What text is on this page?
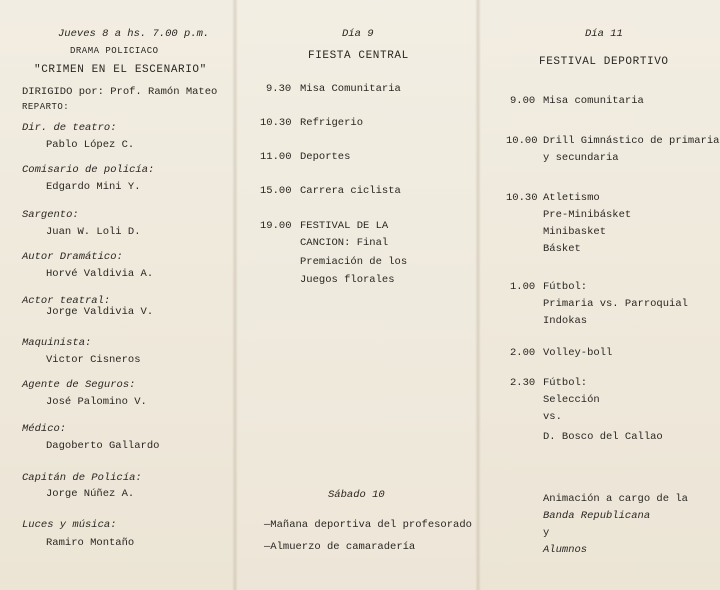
Jueves 8 a hs. 7.00 p.m.
DRAMA POLICIACO
"CRIMEN EN EL ESCENARIO"
DIRIGIDO por: Prof. Ramón Mateo
REPARTO:
Dir. de teatro:
Pablo López C.
Comisario de policía:
Edgardo Mini Y.
Sargento:
Juan W. Loli D.
Autor Dramático:
Horvé Valdivia A.
Actor teatral:
Jorge Valdivia V.
Maquinista:
Victor Cisneros
Agente de Seguros:
José Palomino V.
Médico:
Dagoberto Gallardo
Capitán de Policía:
Jorge Núñez A.
Luces y música:
Ramiro Montaño
Día 9
FIESTA CENTRAL
9.30 Misa Comunitaria
10.30 Refrigerio
11.00 Deportes
15.00 Carrera ciclista
19.00 FESTIVAL DE LA
CANCION: Final
Premiación de los
Juegos florales
Sábado 10
—Mañana deportiva del profesorado
—Almuerzo de camaradería
Día 11
FESTIVAL DEPORTIVO
9.00 Misa comunitaria
10.00 Drill Gimnástico de primaria
y secundaria
10.30 Atletismo
Pre-Minibásket
Minibasket
Básket
1.00 Fútbol:
Primaria vs. Parroquial
Indokas
2.00 Volley-boll
2.30 Fútbol:
Selección
vs.
D. Bosco del Callao
Animación a cargo de la
Banda Republicana
y
Alumnos
